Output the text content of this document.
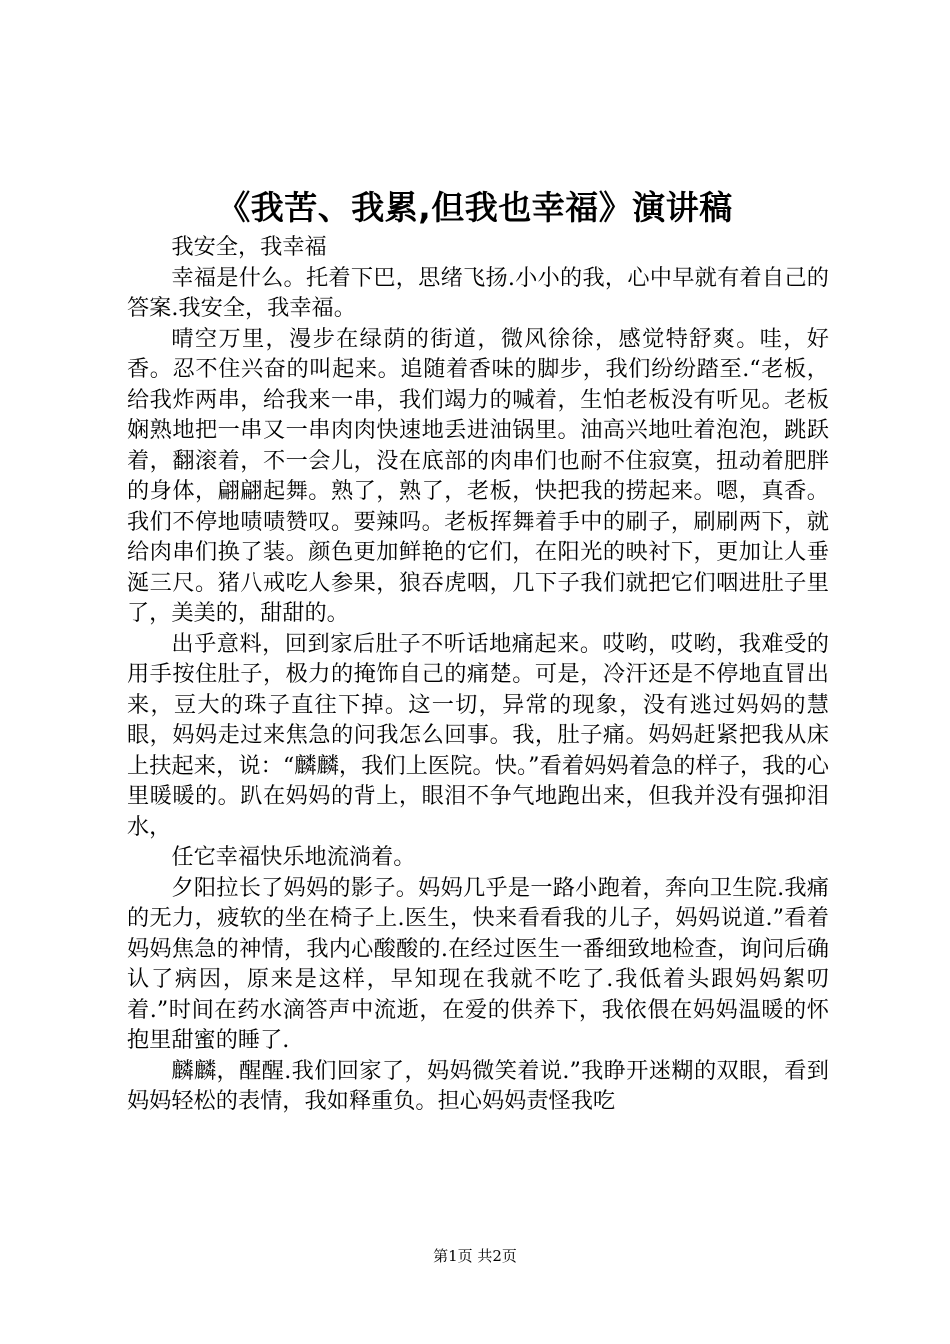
《我苦、我累,但我也幸福》演讲稿

我安全，我幸福

幸福是什么。托着下巴，思绪飞扬.小小的我，心中早就有着自己的答案.我安全，我幸福。

晴空万里，漫步在绿荫的街道，微风徐徐，感觉特舒爽。哇，好香。忍不住兴奋的叫起来。追随着香味的脚步，我们纷纷踏至.“老板，给我炸两串，给我来一串，我们竭力的喊着，生怕老板没有听见。老板娴熟地把一串又一串肉肉快速地丢进油锅里。油高兴地吐着泡泡，跳跃着，翻滚着，不一会儿，没在底部的肉串们也耐不住寂寞，扭动着肥胖的身体，翩翩起舞。熟了，熟了，老板，快把我的捞起来。嗯，真香。我们不停地啧啧赞叹。要辣吗。老板挥舞着手中的刷子，刷刷两下，就给肉串们换了装。颜色更加鲜艳的它们，在阳光的映衬下，更加让人垂涎三尺。猪八戒吃人参果，狼吞虎咽，几下子我们就把它们咽进肚子里了，美美的，甜甜的。

出乎意料，回到家后肚子不听话地痛起来。哎哟，哎哟，我难受的用手按住肚子，极力的掩饰自己的痛楚。可是，冷汗还是不停地直冒出来，豆大的珠子直往下掉。这一切，异常的现象，没有逃过妈妈的慧眼，妈妈走过来焦急的问我怎么回事。我，肚子痛。妈妈赶紧把我从床上扶起来，说：“麟麟，我们上医院。快。”看着妈妈着急的样子，我的心里暖暖的。趴在妈妈的背上，眼泪不争气地跑出来，但我并没有强抑泪水，

任它幸福快乐地流淌着。

夕阳拉长了妈妈的影子。妈妈几乎是一路小跑着，奔向卫生院.我痛的无力，疲软的坐在椅子上.医生，快来看看我的儿子，妈妈说道.”看着妈妈焦急的神情，我内心酸酸的.在经过医生一番细致地检查，询问后确认了病因，原来是这样，早知现在我就不吃了.我低着头跟妈妈絮叨着.”时间在药水滴答声中流逝，在爱的供养下，我依偎在妈妈温暖的怀抱里甜蜜的睡了.

麟麟，醒醒.我们回家了，妈妈微笑着说.”我睁开迷糊的双眼，看到妈妈轻松的表情，我如释重负。担心妈妈责怪我吃

第1页 共2页
